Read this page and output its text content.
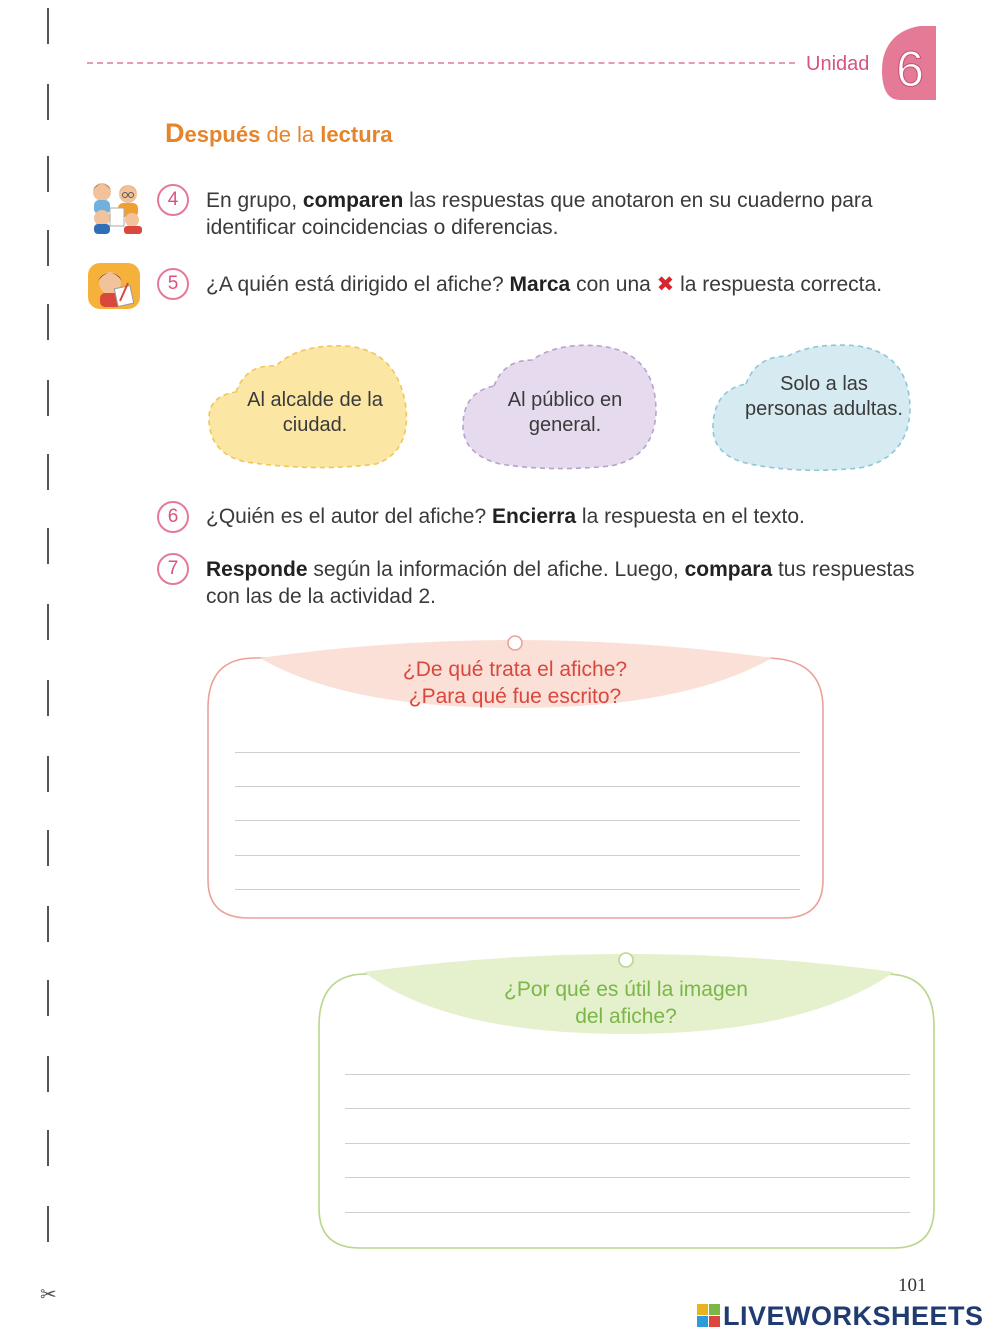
✂
Unidad 6
Después de la lectura
4	En grupo, comparen las respuestas que anotaron en su cuaderno para identificar coincidencias o diferencias.
5	¿A quién está dirigido el afiche? Marca con una ✖ la respuesta correcta.
Al alcalde de la ciudad.
Al público en general.
Solo a las personas adultas.
6	¿Quién es el autor del afiche? Encierra la respuesta en el texto.
7	Responde según la información del afiche. Luego, compara tus respuestas con las de la actividad 2.
¿De qué trata el afiche?
¿Para qué fue escrito?
¿Por qué es útil la imagen
del afiche?
101
LIVEWORKSHEETS
